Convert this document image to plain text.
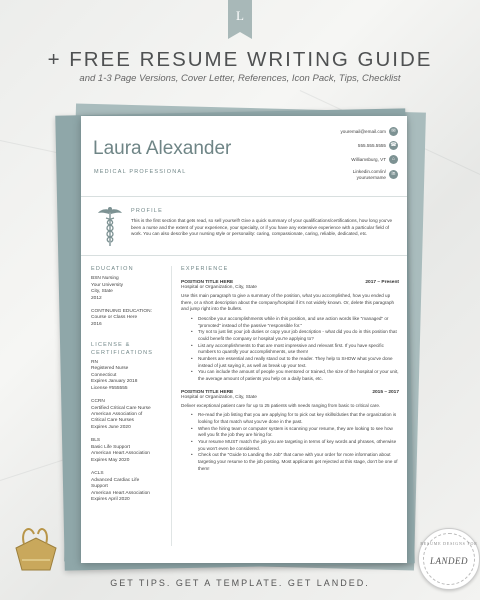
L
+ FREE RESUME WRITING GUIDE
and 1-3 Page Versions, Cover Letter, References, Icon Pack, Tips, Checklist
Laura Alexander
MEDICAL PROFESSIONAL
youremail@email.com	✉
555.555.5555 ☎
Williamsburg, VT	⌂
Linkedin.com/in/
yourusername	in
PROFILE
This is the first section that gets read, so sell yourself! Give a quick summary of your qualifications/certifications, how long you've been a nurse and the extent of your experience, your specialty, or if you have any extensive experience with a particular field of work. You can also describe your nursing style or personality: caring, compassionate, caring, reliable, dedicated, etc.
EDUCATION
BSN Nursing
Your University
City, State
2012
CONTINUING EDUCATION:
Course or Class Here
2016
LICENSE &
CERTIFICATIONS
RN
Registered Nurse
Connecticut
Expires January 2018
License #555555
CCRN
Certified Critical Care Nurse
American Association of
Critical Care Nurses
Expires June 2020
BLS
Basic Life Support
American Heart Association
Expires May 2020
ACLS
Advanced Cardiac Life
Support
American Heart Association
Expires April 2020
EXPERIENCE
POSITION TITLE HERE	2017 – Present
Hospital or Organization, City, State
Use this main paragraph to give a summary of the position, what you accomplished, how you ended up there, or a short description about the company/hospital if it's not widely known. Or, delete this paragraph and jump right into the bullets.
• Describe your accomplishments while in this position, and use action words like "managed" or "promoted" instead of the passive "responsible for."
• Try not to just list your job duties or copy your job description - what did you do in this position that could benefit the company or hospital you're applying to?
• List any accomplishments to that are most impressive and relevant first. If you have specific numbers to quantify your accomplishments, use them!
• Numbers are essential and really stand out to the reader. They help to SHOW what you've done instead of just saying it, as well as break up your text.
• You can include the amount of people you mentored or trained, the size of the hospital or your unit, the average amount of patients you help on a daily basis, etc.
POSITION TITLE HERE	2015 – 2017
Hospital or Organization, City, State
Deliver exceptional patient care for up to 25 patients with needs ranging from basic to critical care.
• Re-read the job listing that you are applying for to pick out key skills/duties that the organization is looking for that match what you've done in the past.
• When the hiring team or computer system is scanning your resume, they are looking to see how well you fit the job they are hiring for.
• Your resume MUST match the job you are targeting in terms of key words and phrases, otherwise you won't even be considered.
• Check out the "Guide to Landing the Job" that came with your order for more information about targeting your resume to the job posting. Most applicants get rejected at this stage, don't be one of them!
GET TIPS. GET A TEMPLATE. GET LANDED.
RESUME DESIGNS FOR
LANDED
